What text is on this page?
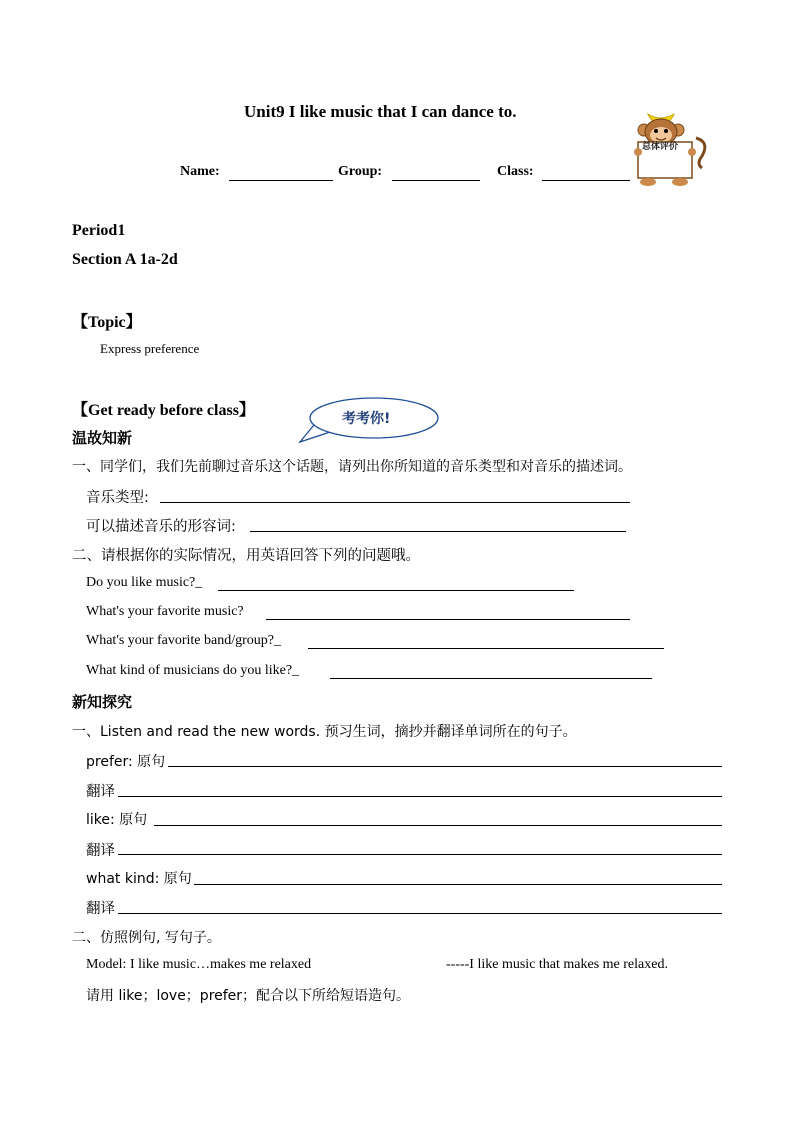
Unit9 I like music that I can dance to.
Name:	Group:	Class:
总体评价
Period1
Section A 1a-2d
【Topic】
Express preference
【Get ready before class】	考考你!
温故知新
一、同学们，我们先前聊过音乐这个话题，请列出你所知道的音乐类型和对音乐的描述词。
音乐类型:
可以描述音乐的形容词:
二、请根据你的实际情况，用英语回答下列的问题哦。
Do you like music?_
What's your favorite music?
What's your favorite band/group?_
What kind of musicians do you like?_
新知探究
一、Listen and read the new words. 预习生词，摘抄并翻译单词所在的句子。
prefer: 原句
翻译
like: 原句
翻译
what kind: 原句
翻译
二、仿照例句, 写句子。
Model: I like music…makes me relaxed	-----I like music that makes me relaxed.
请用 like；love；prefer；配合以下所给短语造句。
